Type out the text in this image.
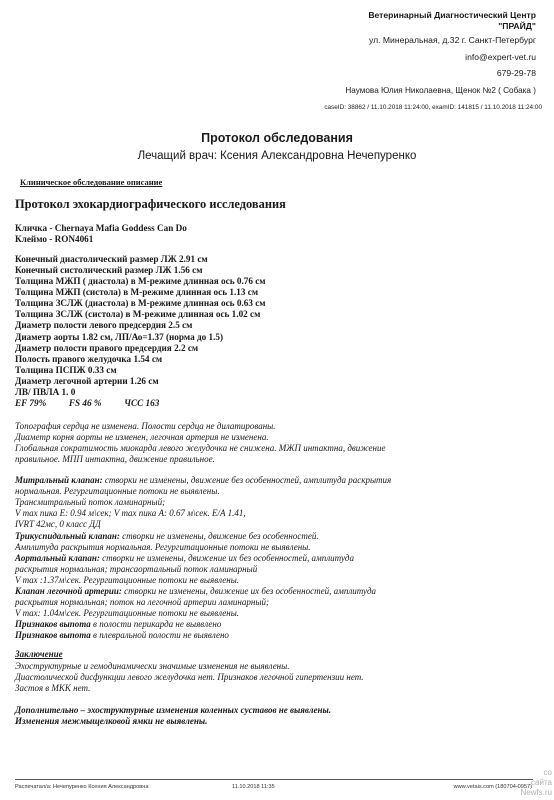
Ветеринарный Диагностический Центр
"ПРАЙД"
ул. Минеральная, д.32 г. Санкт-Петербург
info@expert-vet.ru
679-29-78
Наумова Юлия Николаевна, Щенок №2 ( Собака )
caseID: 38862 / 11.10.2018 11:24:00, examID: 141815 / 11.10.2018 11:24:00
Протокол обследования
Лечащий врач: Ксения Александровна Нечепуренко
Клиническое обследование описание
Протокол эхокардиографического исследования
Кличка - Chernaya Mafia Goddess Can Do
Клеймо - RON4061
Конечный диастолический размер ЛЖ 2.91 см
Конечный систолический размер ЛЖ 1.56 см
Толщина МЖП ( диастола) в М-режиме длинная ось 0.76 см
Толщина МЖП (систола) в М-режиме длинная ось 1.13 см
Толщина ЗСЛЖ (диастола) в М-режиме длинная ось 0.63 см
Толщина ЗСЛЖ (систола) в М-режиме длинная ось 1.02 см
Диаметр полости левого предсердия 2.5 см
Диаметр аорты 1.82 см, ЛП/Ао=1.37 (норма до 1.5)
Диаметр полости правого предсердия 2.2 см
Полость правого желудочка 1.54 см
Толщина ПСПЖ 0.33 см
Диаметр легочной артерии 1.26 см
ЛВ/ ПВЛА 1. 0
EF 79% FS 46 % ЧСС 163
Топография сердца не изменена. Полости сердца не дилатированы.
Диаметр корня аорты не изменен, легочная артерия не изменена.
Глобальная сократимость миокарда левого желудочка не снижена. МЖП интактна, движение
правильное. МПП интактна, движение правильное.
Митральный клапан: створки не изменены, движение без особенностей, амплитуда раскрытия
нормальная. Регургитационные потоки не выявлены.
Трансмитральный поток ламинарный;
V max пика E: 0.94 м\сек; V max пика A: 0.67 м\сек. E/A 1.41,
IVRT 42мс, 0 класс ДД
Трикуспидальный клапан: створки не изменены, движение без особенностей.
Амплитуда раскрытия нормальная. Регургитационные потоки не выявлены.
Аортальный клапан: створки не изменены, движение их без особенностей, амплитуда
раскрытия нормальная; трансаортальный поток ламинарный
V max :1.37м\сек. Регургитационные потоки не выявлены.
Клапан легочной артерии: створки не изменены, движение их без особенностей, амплитуда
раскрытия нормальная; поток на легочной артерии ламинарный;
V max: 1.04м\сек. Регургитационные потоки не выявлены.
Признаков выпота в полости перикарда не выявлено
Признаков выпота в плевральной полости не выявлено
Заключение
Эхоструктурные и гемодинамически значимые изменения не выявлены.
Диастолической дисфункции левого желудочка нет. Признаков легочной гипертензии нет.
Застоя в МКК нет.
Дополнительно – эхоструктурные изменения коленных суставов не выявлены.
Изменения межмыщелковой ямки не выявлены.
Распечатал/а: Нечепуренко Ксения Александровна	11.10.2018 11:35	www.vetais.com (180704-0957)
со
сайта
Newfs.ru
